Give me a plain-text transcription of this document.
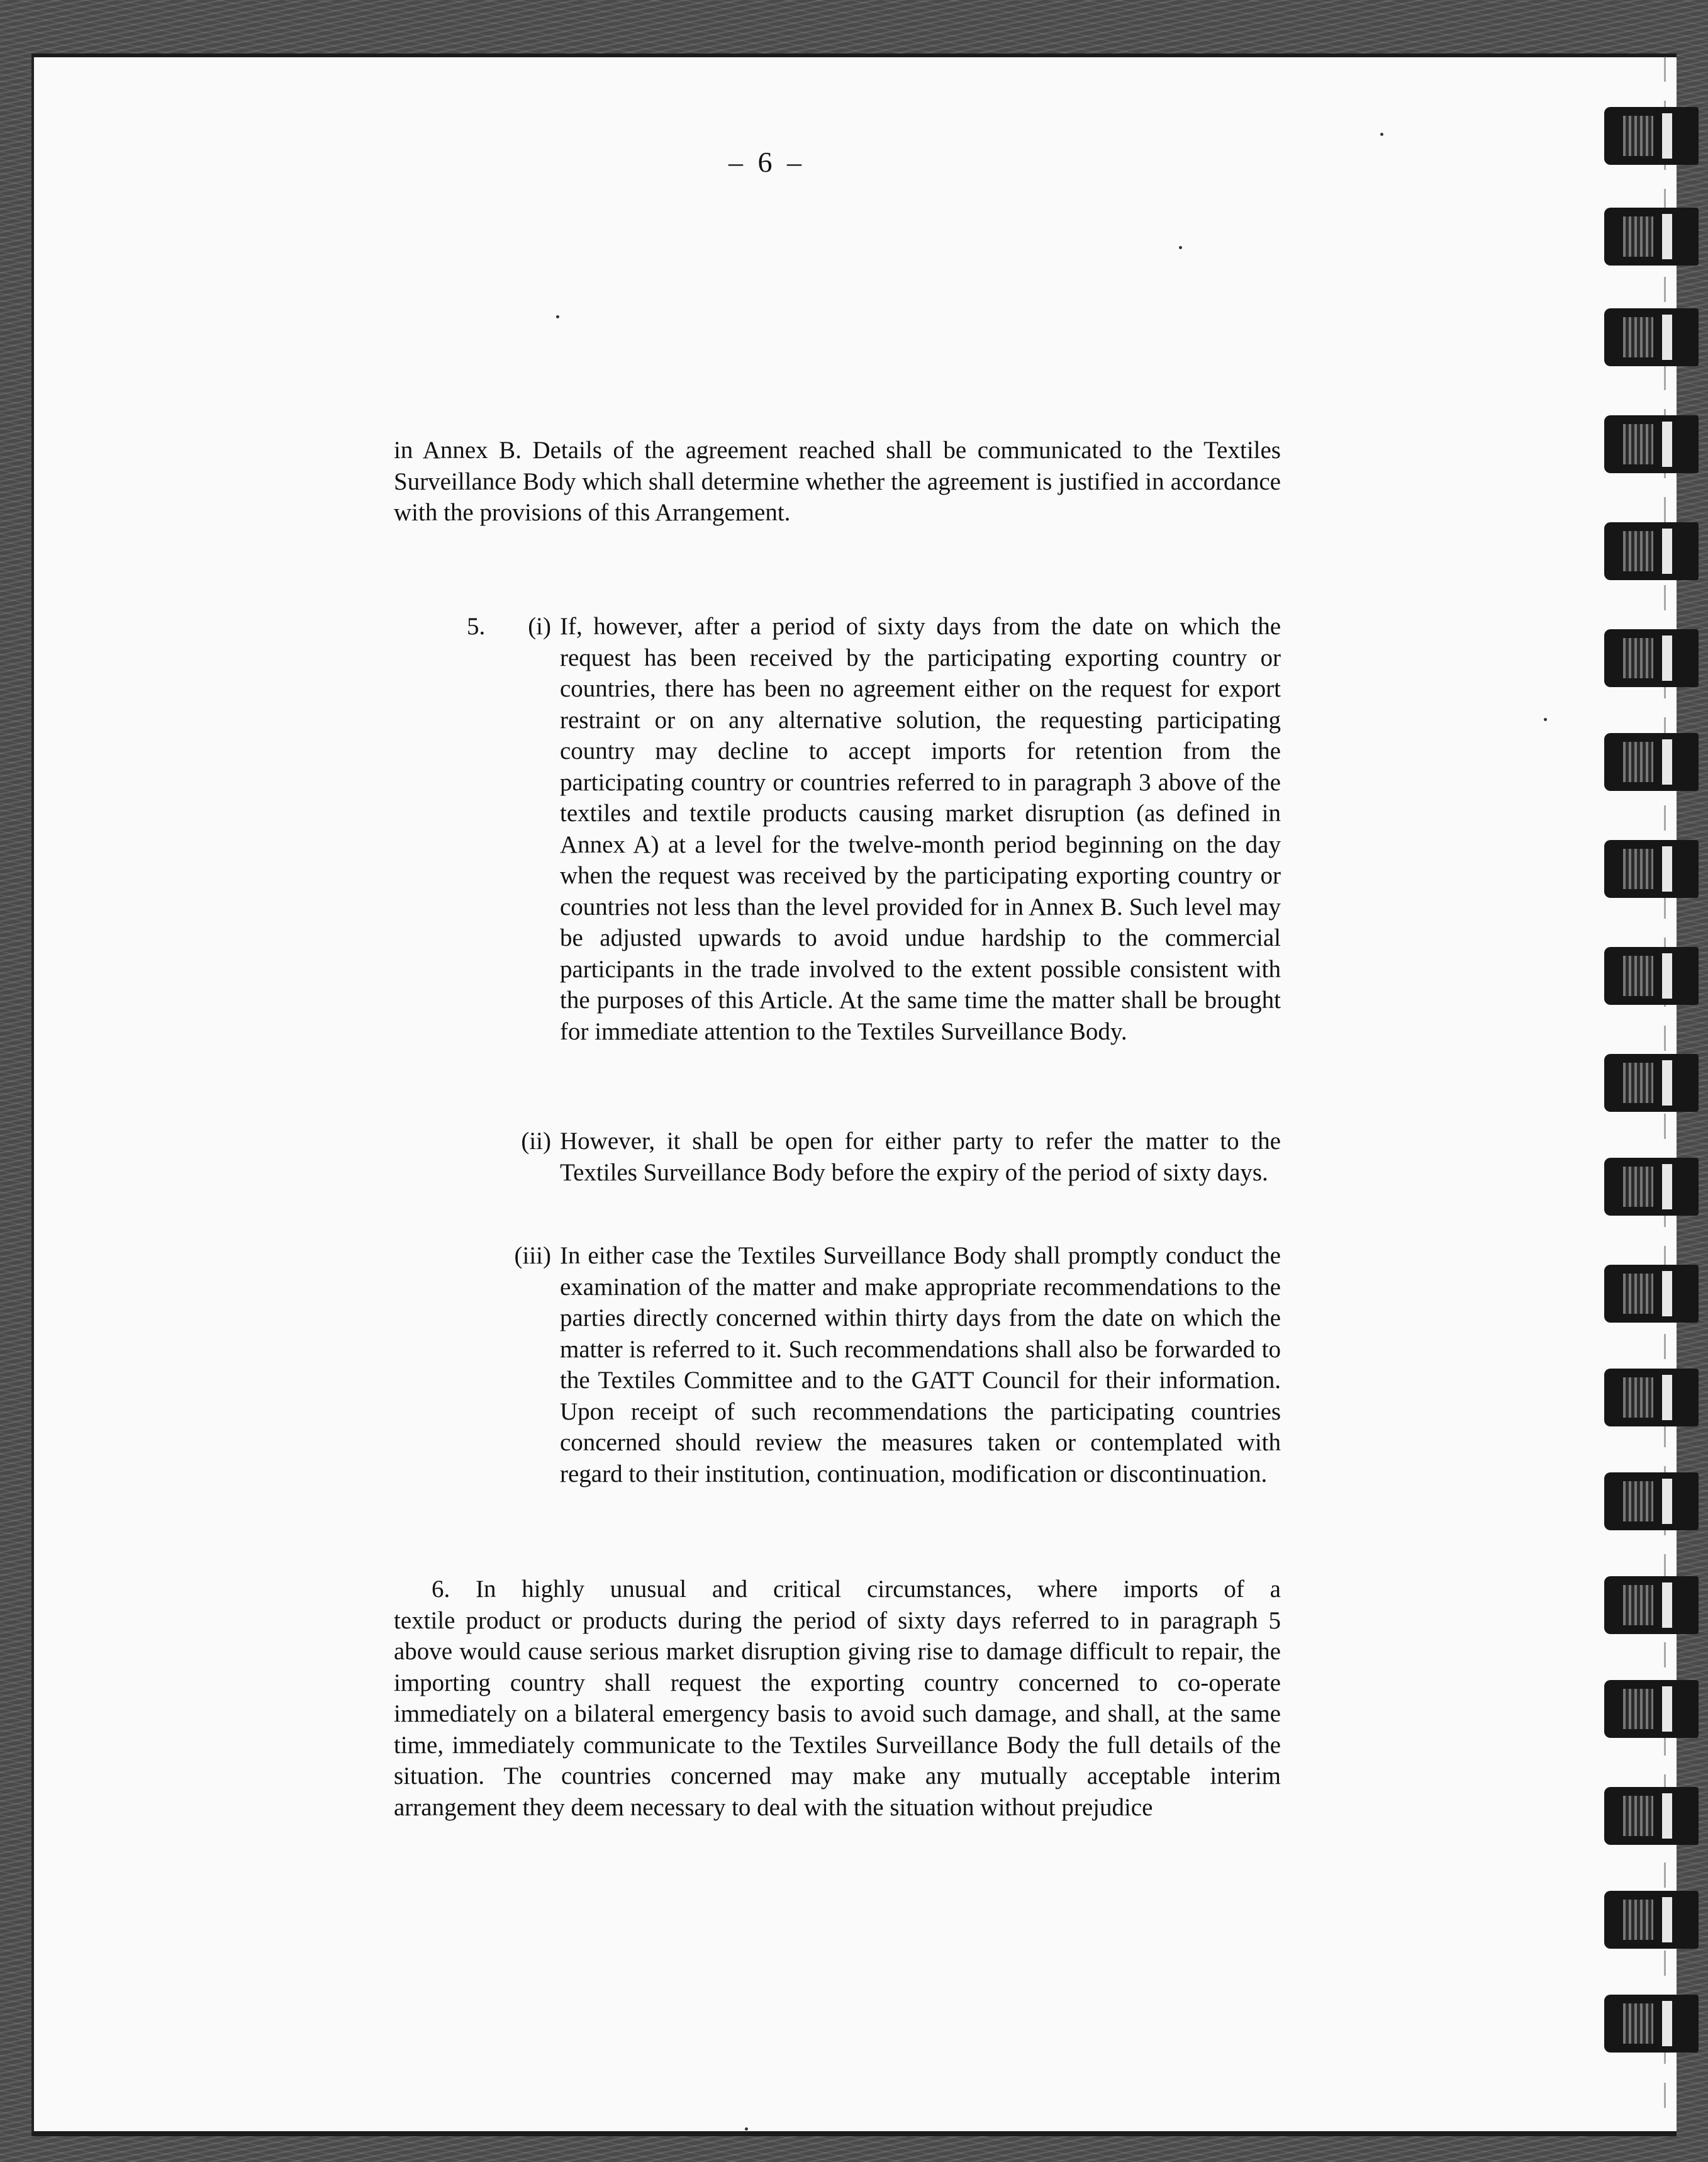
– 6 –
in Annex B. Details of the agreement reached shall be communicated to the Textiles Surveillance Body which shall determine whether the agreement is justified in accordance with the provisions of this Arrangement.
5.	(i) If, however, after a period of sixty days from the date on which the request has been received by the participating exporting country or countries, there has been no agreement either on the request for export restraint or on any alternative solution, the requesting participating country may decline to accept imports for retention from the participating country or countries referred to in paragraph 3 above of the textiles and textile products causing market disruption (as defined in Annex A) at a level for the twelve-month period beginning on the day when the request was received by the participating exporting country or countries not less than the level provided for in Annex B. Such level may be adjusted upwards to avoid undue hardship to the commercial participants in the trade involved to the extent possible consistent with the purposes of this Article. At the same time the matter shall be brought for immediate attention to the Textiles Surveillance Body.
(ii) However, it shall be open for either party to refer the matter to the Textiles Surveillance Body before the expiry of the period of sixty days.
(iii) In either case the Textiles Surveillance Body shall promptly conduct the examination of the matter and make appropriate recommendations to the parties directly concerned within thirty days from the date on which the matter is referred to it. Such recommendations shall also be forwarded to the Textiles Committee and to the GATT Council for their information. Upon receipt of such recommendations the participating countries concerned should review the measures taken or contemplated with regard to their institution, continuation, modification or discontinuation.
6. In highly unusual and critical circumstances, where imports of a
textile product or products during the period of sixty days referred to in paragraph 5 above would cause serious market disruption giving rise to damage difficult to repair, the importing country shall request the exporting country concerned to co-operate immediately on a bilateral emergency basis to avoid such damage, and shall, at the same time, immediately communicate to the Textiles Surveillance Body the full details of the situation. The countries concerned may make any mutually acceptable interim arrangement they deem necessary to deal with the situation without prejudice
